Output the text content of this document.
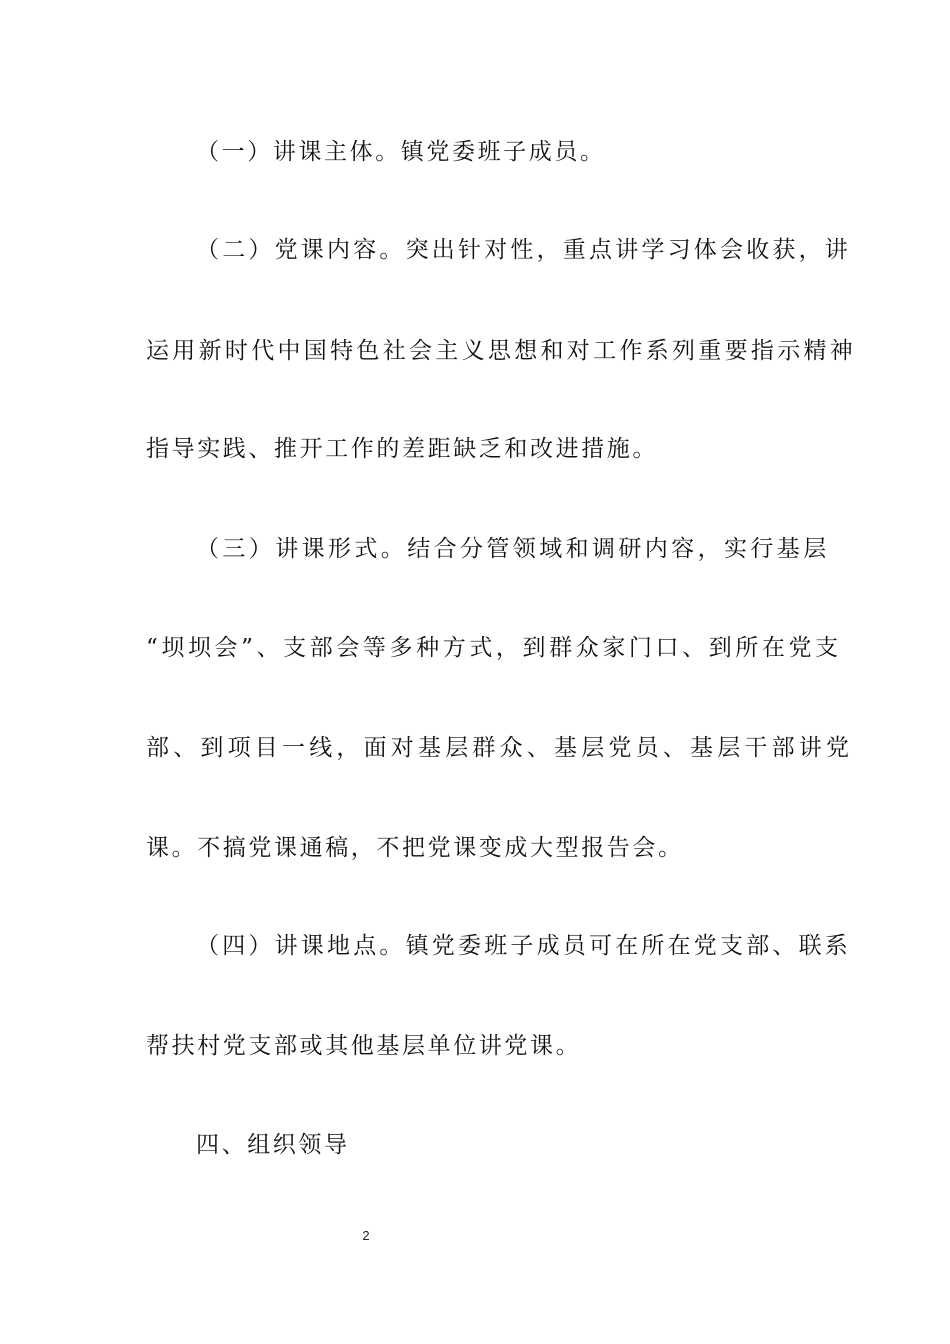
（一）讲课主体。镇党委班子成员。
（二）党课内容。突出针对性，重点讲学习体会收获，讲
运用新时代中国特色社会主义思想和对工作系列重要指示精神
指导实践、推开工作的差距缺乏和改进措施。
（三）讲课形式。结合分管领域和调研内容，实行基层
“坝坝会”、支部会等多种方式，到群众家门口、到所在党支
部、到项目一线，面对基层群众、基层党员、基层干部讲党
课。不搞党课通稿，不把党课变成大型报告会。
（四）讲课地点。镇党委班子成员可在所在党支部、联系
帮扶村党支部或其他基层单位讲党课。
四、组织领导
2
